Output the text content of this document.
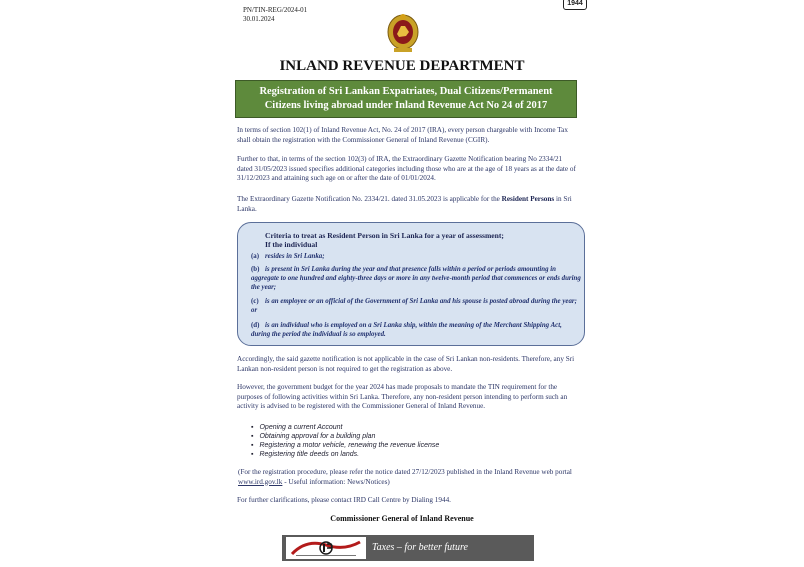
PN/TIN-REG/2024-01
30.01.2024
1944
INLAND REVENUE DEPARTMENT
Registration of Sri Lankan Expatriates, Dual Citizens/Permanent
Citizens living abroad under Inland Revenue Act No 24 of 2017
In terms of section 102(1) of Inland Revenue Act, No. 24 of 2017 (IRA), every person chargeable with Income Tax shall obtain the registration with the Commissioner General of Inland Revenue (CGIR).
Further to that, in terms of the section 102(3) of IRA, the Extraordinary Gazette Notification bearing No 2334/21 dated 31/05/2023 issued specifies additional categories including those who are at the age of 18 years as at the date of 31/12/2023 and attaining such age on or after the date of 01/01/2024.
The Extraordinary Gazette Notification No. 2334/21. dated 31.05.2023 is applicable for the Resident Persons in Sri Lanka.
Criteria to treat as Resident Person in Sri Lanka for a year of assessment;
If the individual
(a) resides in Sri Lanka;
(b) is present in Sri Lanka during the year and that presence falls within a period or periods amounting in aggregate to one hundred and eighty-three days or more in any twelve-month period that commences or ends during the year;
(c) is an employee or an official of the Government of Sri Lanka and his spouse is posted abroad during the year; or
(d) is an individual who is employed on a Sri Lanka ship, within the meaning of the Merchant Shipping Act, during the period the individual is so employed.
Accordingly, the said gazette notification is not applicable in the case of Sri Lankan non-residents. Therefore, any Sri Lankan non-resident person is not required to get the registration as above.
However, the government budget for the year 2024 has made proposals to mandate the TIN requirement for the purposes of following activities within Sri Lanka. Therefore, any non-resident person intending to perform such an activity is advised to be registered with the Commissioner General of Inland Revenue.
▪ Opening a current Account
▪ Obtaining approval for a building plan
▪ Registering a motor vehicle, renewing the revenue license
▪ Registering title deeds on lands.
(For the registration procedure, please refer the notice dated 27/12/2023 published in the Inland Revenue web portal www.ird.gov.lk - Useful information: News/Notices)
For further clarifications, please contact IRD Call Centre by Dialing 1944.
Commissioner General of Inland Revenue
Taxes – for better future
